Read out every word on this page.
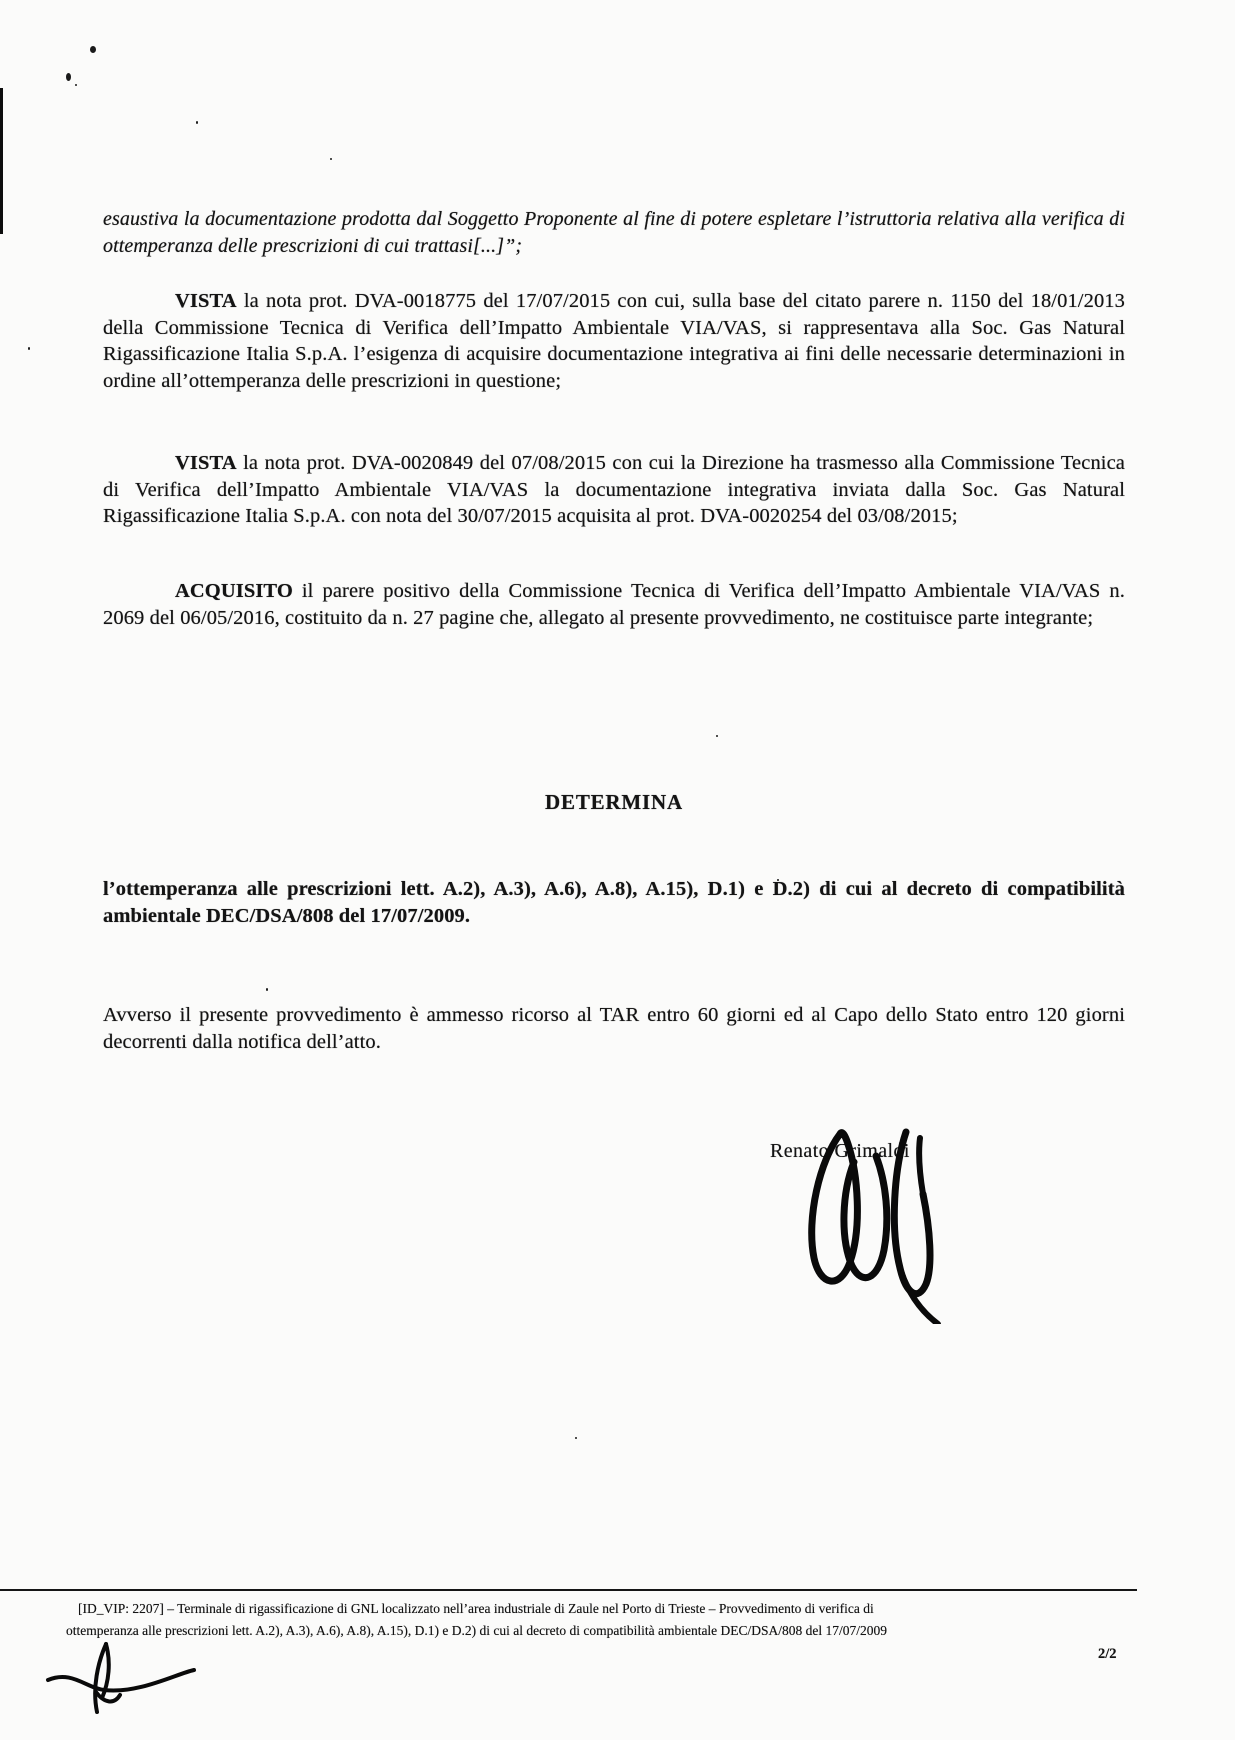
esaustiva la documentazione prodotta dal Soggetto Proponente al fine di potere espletare l’istruttoria relativa alla verifica di ottemperanza delle prescrizioni di cui trattasi[...]”;

VISTA la nota prot. DVA-0018775 del 17/07/2015 con cui, sulla base del citato parere n. 1150 del 18/01/2013 della Commissione Tecnica di Verifica dell’Impatto Ambientale VIA/VAS, si rappresentava alla Soc. Gas Natural Rigassificazione Italia S.p.A. l’esigenza di acquisire documentazione integrativa ai fini delle necessarie determinazioni in ordine all’ottemperanza delle prescrizioni in questione;

VISTA la nota prot. DVA-0020849 del 07/08/2015 con cui la Direzione ha trasmesso alla Commissione Tecnica di Verifica dell’Impatto Ambientale VIA/VAS la documentazione integrativa inviata dalla Soc. Gas Natural Rigassificazione Italia S.p.A. con nota del 30/07/2015 acquisita al prot. DVA-0020254 del 03/08/2015;

ACQUISITO il parere positivo della Commissione Tecnica di Verifica dell’Impatto Ambientale VIA/VAS n. 2069 del 06/05/2016, costituito da n. 27 pagine che, allegato al presente provvedimento, ne costituisce parte integrante;

DETERMINA

l’ottemperanza alle prescrizioni lett. A.2), A.3), A.6), A.8), A.15), D.1) e D.2) di cui al decreto di compatibilità ambientale DEC/DSA/808 del 17/07/2009.

Avverso il presente provvedimento è ammesso ricorso al TAR entro 60 giorni ed al Capo dello Stato entro 120 giorni decorrenti dalla notifica dell’atto.

Renato Grimaldi
[ID_VIP: 2207] – Terminale di rigassificazione di GNL localizzato nell’area industriale di Zaule nel Porto di Trieste – Provvedimento di verifica di
ottemperanza alle prescrizioni lett. A.2), A.3), A.6), A.8), A.15), D.1) e D.2) di cui al decreto di compatibilità ambientale DEC/DSA/808 del 17/07/2009
2/2
